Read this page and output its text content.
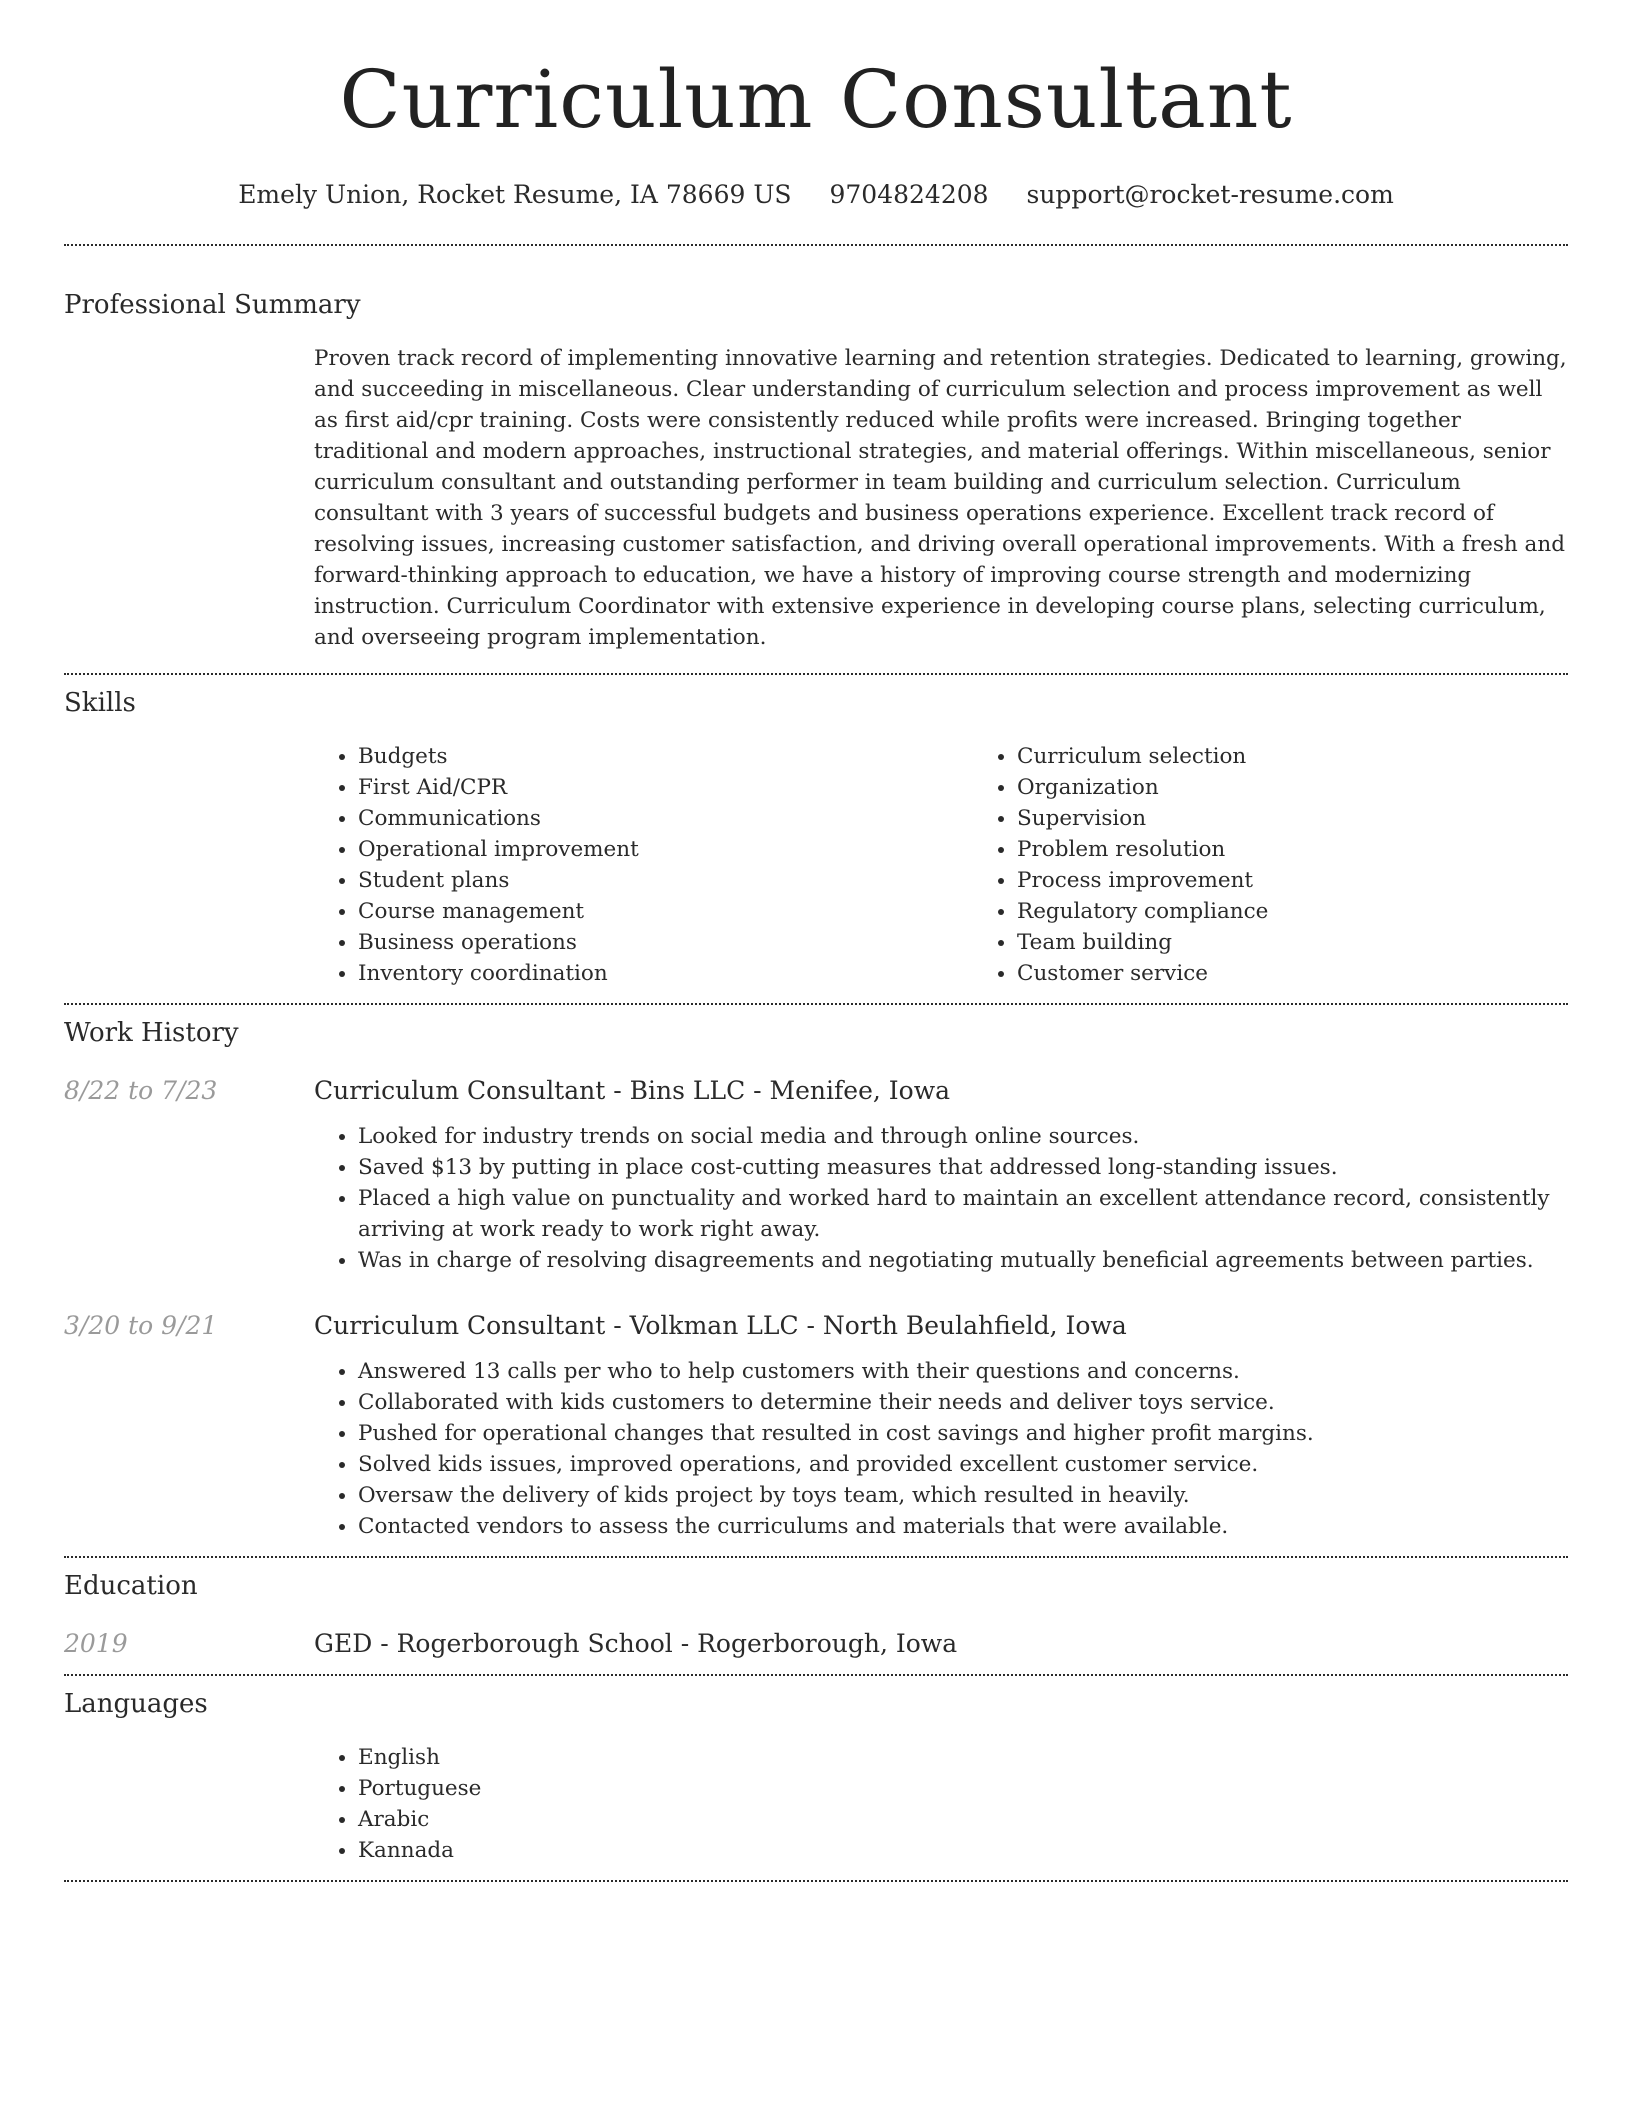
Curriculum Consultant
Emely Union, Rocket Resume, IA 78669 US 9704824208 support@rocket-resume.com
Professional Summary

Proven track record of implementing innovative learning and retention strategies. Dedicated to learning, growing, and succeeding in miscellaneous. Clear understanding of curriculum selection and process improvement as well as first aid/cpr training. Costs were consistently reduced while profits were increased. Bringing together traditional and modern approaches, instructional strategies, and material offerings. Within miscellaneous, senior curriculum consultant and outstanding performer in team building and curriculum selection. Curriculum consultant with 3 years of successful budgets and business operations experience. Excellent track record of resolving issues, increasing customer satisfaction, and driving overall operational improvements. With a fresh and forward-thinking approach to education, we have a history of improving course strength and modernizing instruction. Curriculum Coordinator with extensive experience in developing course plans, selecting curriculum, and overseeing program implementation.

Skills
• Budgets
• First Aid/CPR
• Communications
• Operational improvement
• Student plans
• Course management
• Business operations
• Inventory coordination
• Curriculum selection
• Organization
• Supervision
• Problem resolution
• Process improvement
• Regulatory compliance
• Team building
• Customer service
Work History
8/22 to 7/23	Curriculum Consultant - Bins LLC - Menifee, Iowa
• Looked for industry trends on social media and through online sources.
• Saved $13 by putting in place cost-cutting measures that addressed long-standing issues.
• Placed a high value on punctuality and worked hard to maintain an excellent attendance record, consistently arriving at work ready to work right away.
• Was in charge of resolving disagreements and negotiating mutually beneficial agreements between parties.
3/20 to 9/21	Curriculum Consultant - Volkman LLC - North Beulahfield, Iowa
• Answered 13 calls per who to help customers with their questions and concerns.
• Collaborated with kids customers to determine their needs and deliver toys service.
• Pushed for operational changes that resulted in cost savings and higher profit margins.
• Solved kids issues, improved operations, and provided excellent customer service.
• Oversaw the delivery of kids project by toys team, which resulted in heavily.
• Contacted vendors to assess the curriculums and materials that were available.
Education
2019	GED - Rogerborough School - Rogerborough, Iowa
Languages
• English
• Portuguese
• Arabic
• Kannada
